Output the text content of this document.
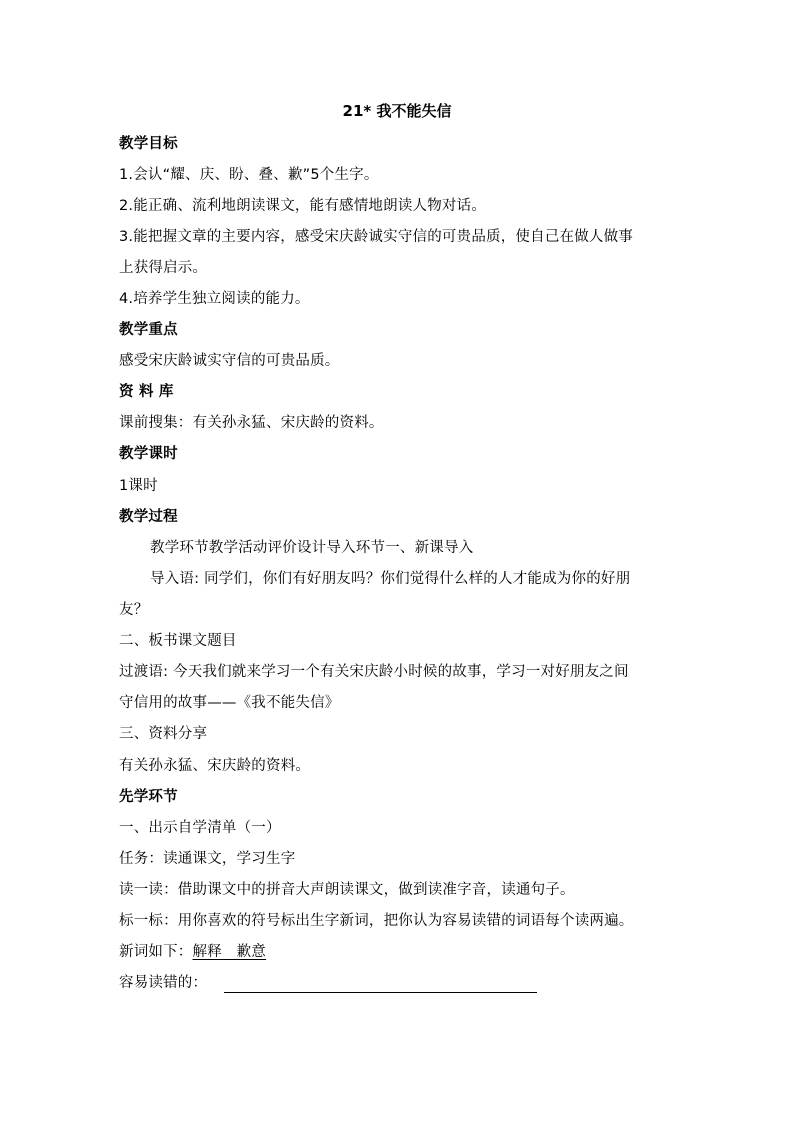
21* 我不能失信
教学目标
1.会认“耀、庆、盼、叠、歉”5个生字。
2.能正确、流利地朗读课文，能有感情地朗读人物对话。
3.能把握文章的主要内容，感受宋庆龄诚实守信的可贵品质，使自己在做人做事
上获得启示。
4.培养学生独立阅读的能力。
教学重点
感受宋庆龄诚实守信的可贵品质。
资 料 库
课前搜集：有关孙永猛、宋庆龄的资料。
教学课时
1课时
教学过程
教学环节教学活动评价设计导入环节一、新课导入
导入语: 同学们，你们有好朋友吗？你们觉得什么样的人才能成为你的好朋
友？
二、板书课文题目
过渡语: 今天我们就来学习一个有关宋庆龄小时候的故事，学习一对好朋友之间
守信用的故事——《我不能失信》
三、资料分享
有关孙永猛、宋庆龄的资料。
先学环节
一、出示自学清单（一）
任务：读通课文，学习生字
读一读：借助课文中的拼音大声朗读课文，做到读准字音，读通句子。
标一标：用你喜欢的符号标出生字新词，把你认为容易读错的词语每个读两遍。
新词如下：解释　歉意
容易读错的：
